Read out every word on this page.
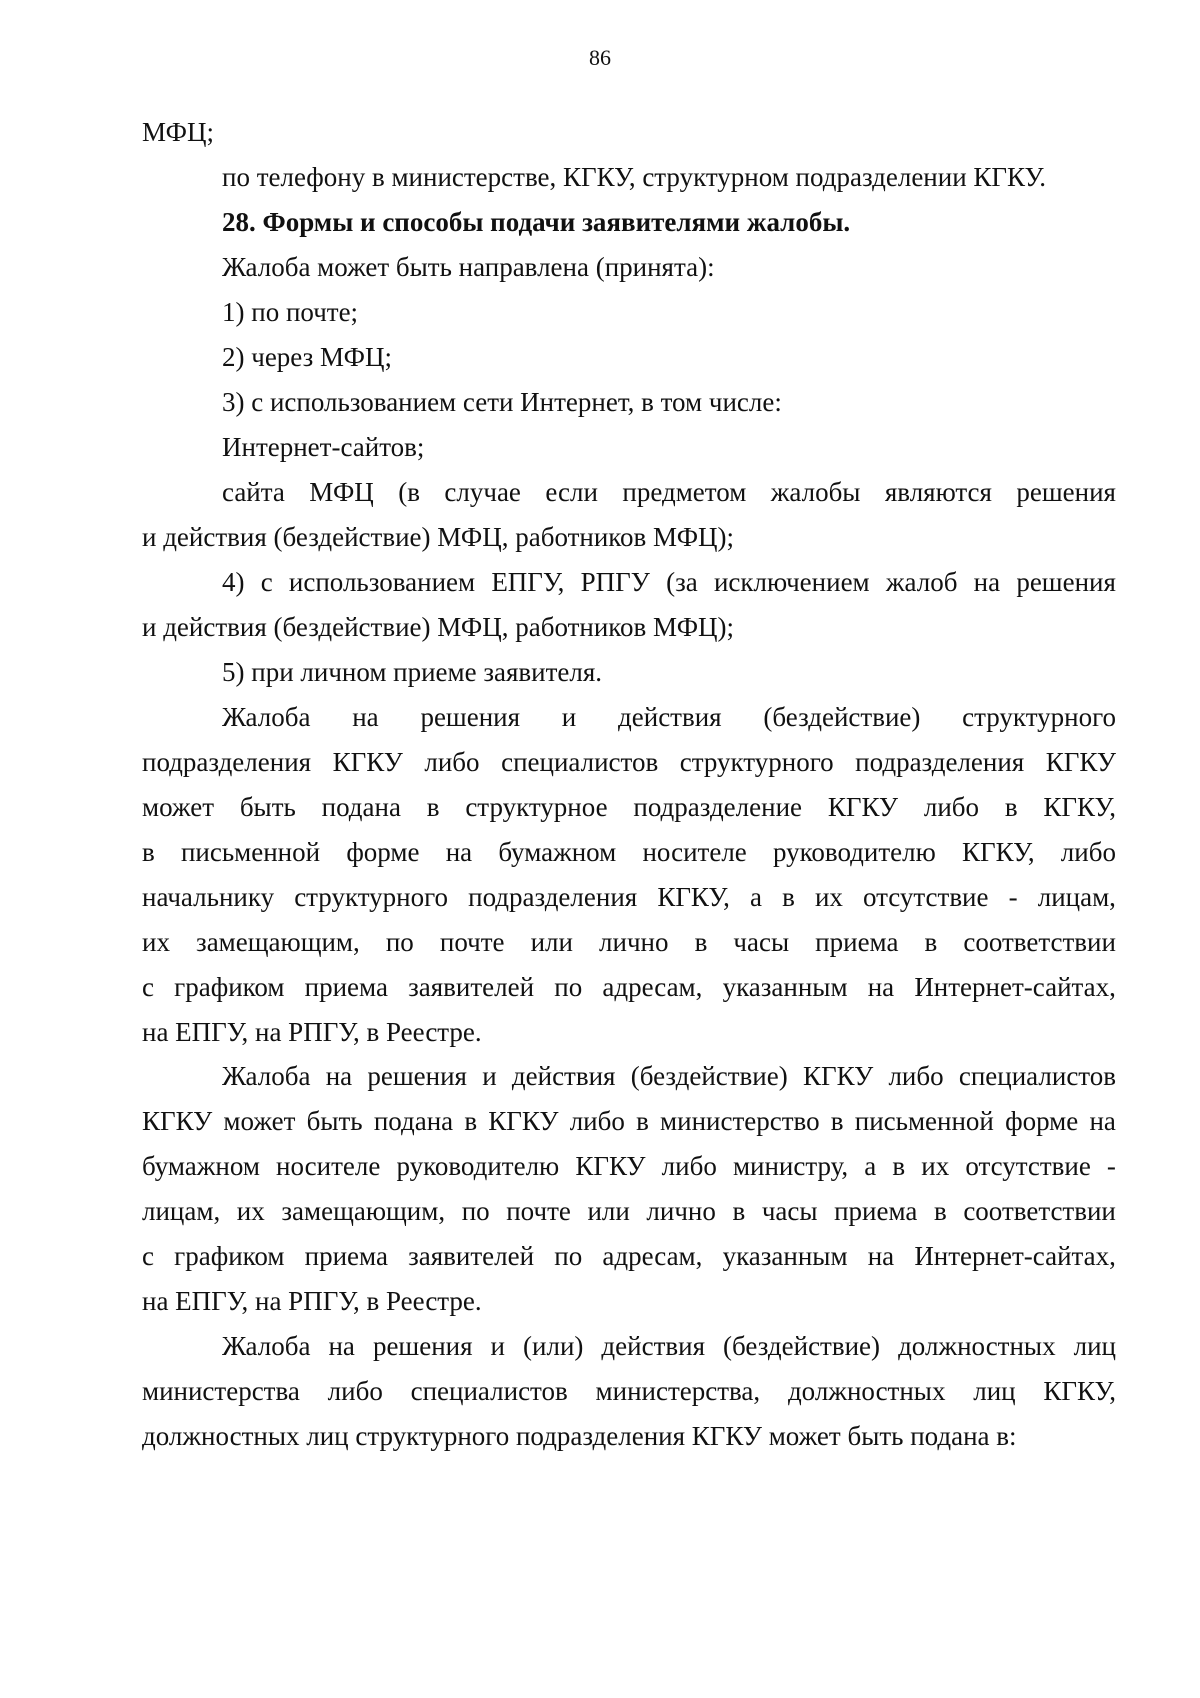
86
МФЦ;
по телефону в министерстве, КГКУ, структурном подразделении КГКУ.
28. Формы и способы подачи заявителями жалобы.
Жалоба может быть направлена (принята):
1) по почте;
2) через МФЦ;
3) с использованием сети Интернет, в том числе:
Интернет-сайтов;
сайта МФЦ (в случае если предметом жалобы являются решения
и действия (бездействие) МФЦ, работников МФЦ);
4) с использованием ЕПГУ, РПГУ (за исключением жалоб на решения
и действия (бездействие) МФЦ, работников МФЦ);
5) при личном приеме заявителя.
Жалоба на решения и действия (бездействие) структурного
подразделения КГКУ либо специалистов структурного подразделения КГКУ
может быть подана в структурное подразделение КГКУ либо в КГКУ,
в письменной форме на бумажном носителе руководителю КГКУ, либо
начальнику структурного подразделения КГКУ, а в их отсутствие - лицам,
их замещающим, по почте или лично в часы приема в соответствии
с графиком приема заявителей по адресам, указанным на Интернет-сайтах,
на ЕПГУ, на РПГУ, в Реестре.
Жалоба на решения и действия (бездействие) КГКУ либо специалистов
КГКУ может быть подана в КГКУ либо в министерство в письменной форме на
бумажном носителе руководителю КГКУ либо министру, а в их отсутствие -
лицам, их замещающим, по почте или лично в часы приема в соответствии
с графиком приема заявителей по адресам, указанным на Интернет-сайтах,
на ЕПГУ, на РПГУ, в Реестре.
Жалоба на решения и (или) действия (бездействие) должностных лиц
министерства либо специалистов министерства, должностных лиц КГКУ,
должностных лиц структурного подразделения КГКУ может быть подана в:
